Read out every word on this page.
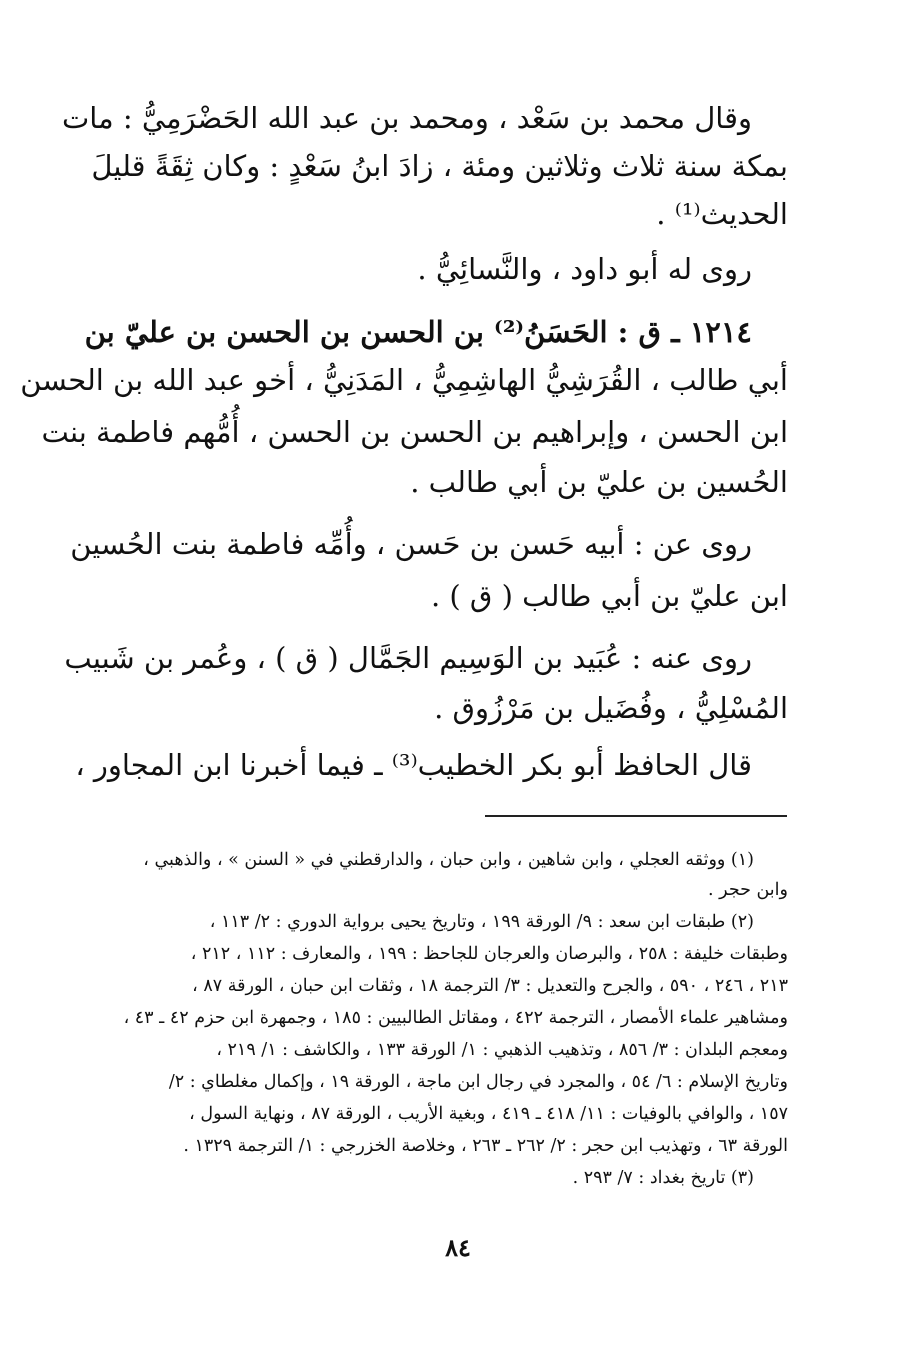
وقال محمد بن سَعْد ، ومحمد بن عبد الله الحَضْرَمِيُّ : مات
بمكة سنة ثلاث وثلاثين ومئة ، زادَ ابنُ سَعْدٍ : وكان ثِقَةً قليلَ
الحديث⁽¹⁾ .
روى له أبو داود ، والنَّسائِيُّ .
١٢١٤ ـ ق : الحَسَنُ⁽²⁾ بن الحسن بن الحسن بن عليّ بن
أبي طالب ، القُرَشِيُّ الهاشِمِيُّ ، المَدَنِيُّ ، أخو عبد الله بن الحسن
ابن الحسن ، وإبراهيم بن الحسن بن الحسن ، أُمُّهم فاطمة بنت
الحُسين بن عليّ بن أبي طالب .
روى عن : أبيه حَسن بن حَسن ، وأُمِّه فاطمة بنت الحُسين
ابن عليّ بن أبي طالب ( ق ) .
روى عنه : عُبَيد بن الوَسِيم الجَمَّال ( ق ) ، وعُمر بن شَبيب
المُسْلِيُّ ، وفُضَيل بن مَرْزُوق .
قال الحافظ أبو بكر الخطيب⁽³⁾ ـ فيما أخبرنا ابن المجاور ،
(١) ووثقه العجلي ، وابن شاهين ، وابن حبان ، والدارقطني في « السنن » ، والذهبي ،
وابن حجر .
(٢) طبقات ابن سعد : ٩/ الورقة ١٩٩ ، وتاريخ يحيى برواية الدوري : ٢/ ١١٣ ،
وطبقات خليفة : ٢٥٨ ، والبرصان والعرجان للجاحظ : ١٩٩ ، والمعارف : ١١٢ ، ٢١٢ ،
٢١٣ ، ٢٤٦ ، ٥٩٠ ، والجرح والتعديل : ٣/ الترجمة ١٨ ، وثقات ابن حبان ، الورقة ٨٧ ،
ومشاهير علماء الأمصار ، الترجمة ٤٢٢ ، ومقاتل الطالبيين : ١٨٥ ، وجمهرة ابن حزم ٤٢ ـ ٤٣ ،
ومعجم البلدان : ٣/ ٨٥٦ ، وتذهيب الذهبي : ١/ الورقة ١٣٣ ، والكاشف : ١/ ٢١٩ ،
وتاريخ الإسلام : ٦/ ٥٤ ، والمجرد في رجال ابن ماجة ، الورقة ١٩ ، وإكمال مغلطاي : ٢/
١٥٧ ، والوافي بالوفيات : ١١/ ٤١٨ ـ ٤١٩ ، وبغية الأريب ، الورقة ٨٧ ، ونهاية السول ،
الورقة ٦٣ ، وتهذيب ابن حجر : ٢/ ٢٦٢ ـ ٢٦٣ ، وخلاصة الخزرجي : ١/ الترجمة ١٣٢٩ .
(٣) تاريخ بغداد : ٧/ ٢٩٣ .
٨٤
